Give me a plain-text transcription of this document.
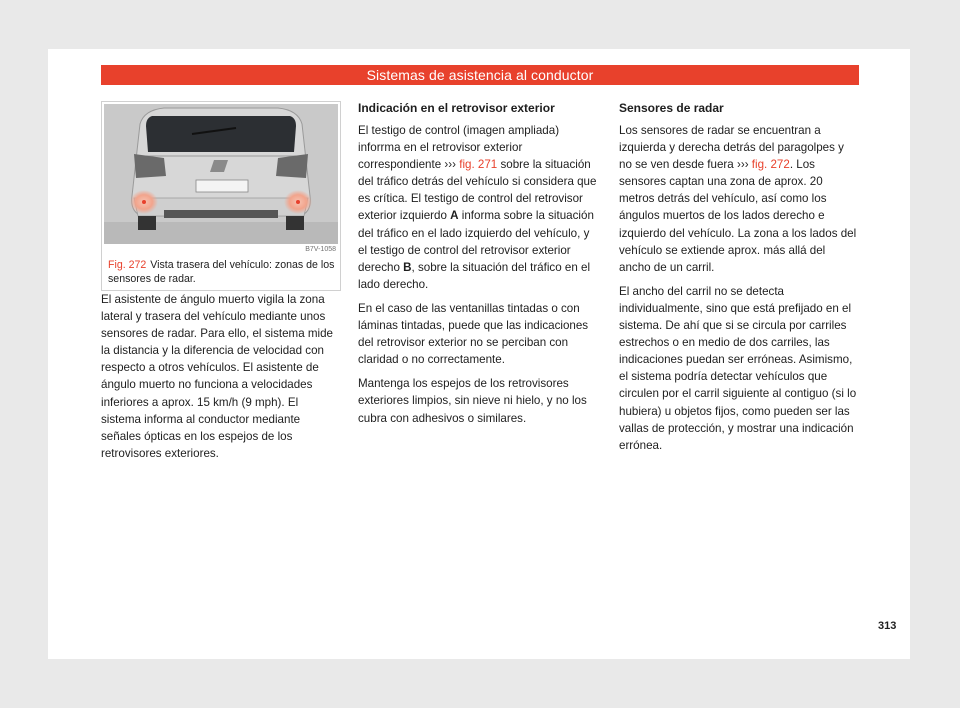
Sistemas de asistencia al conductor
B7V-1058
Fig. 272 Vista trasera del vehículo: zonas de los sensores de radar.

El asistente de ángulo muerto vigila la zona lateral y trasera del vehículo mediante unos sensores de radar. Para ello, el sistema mide la distancia y la diferencia de velocidad con respecto a otros vehículos. El asistente de ángulo muerto no funciona a velocidades inferiores a aprox. 15 km/h (9 mph). El sistema informa al conductor mediante señales ópticas en los espejos de los retrovisores exteriores.

Indicación en el retrovisor exterior

El testigo de control (imagen ampliada) inforrma en el retrovisor exterior correspondiente ››› fig. 271 sobre la situación del tráfico detrás del vehículo si considera que es crítica. El testigo de control del retrovisor exterior izquierdo A informa sobre la situación del tráfico en el lado izquierdo del vehículo, y el testigo de control del retrovisor exterior derecho B, sobre la situación del tráfico en el lado derecho.

En el caso de las ventanillas tintadas o con láminas tintadas, puede que las indicaciones del retrovisor exterior no se perciban con claridad o no correctamente.

Mantenga los espejos de los retrovisores exteriores limpios, sin nieve ni hielo, y no los cubra con adhesivos o similares.

Sensores de radar

Los sensores de radar se encuentran a izquierda y derecha detrás del paragolpes y no se ven desde fuera ››› fig. 272. Los sensores captan una zona de aprox. 20 metros detrás del vehículo, así como los ángulos muertos de los lados derecho e izquierdo del vehículo. La zona a los lados del vehículo se extiende aprox. más allá del ancho de un carril.

El ancho del carril no se detecta individualmente, sino que está prefijado en el sistema. De ahí que si se circula por carriles estrechos o en medio de dos carriles, las indicaciones puedan ser erróneas. Asimismo, el sistema podría detectar vehículos que circulen por el carril siguiente al contiguo (si lo hubiera) u objetos fijos, como pueden ser las vallas de protección, y mostrar una indicación errónea.

313
